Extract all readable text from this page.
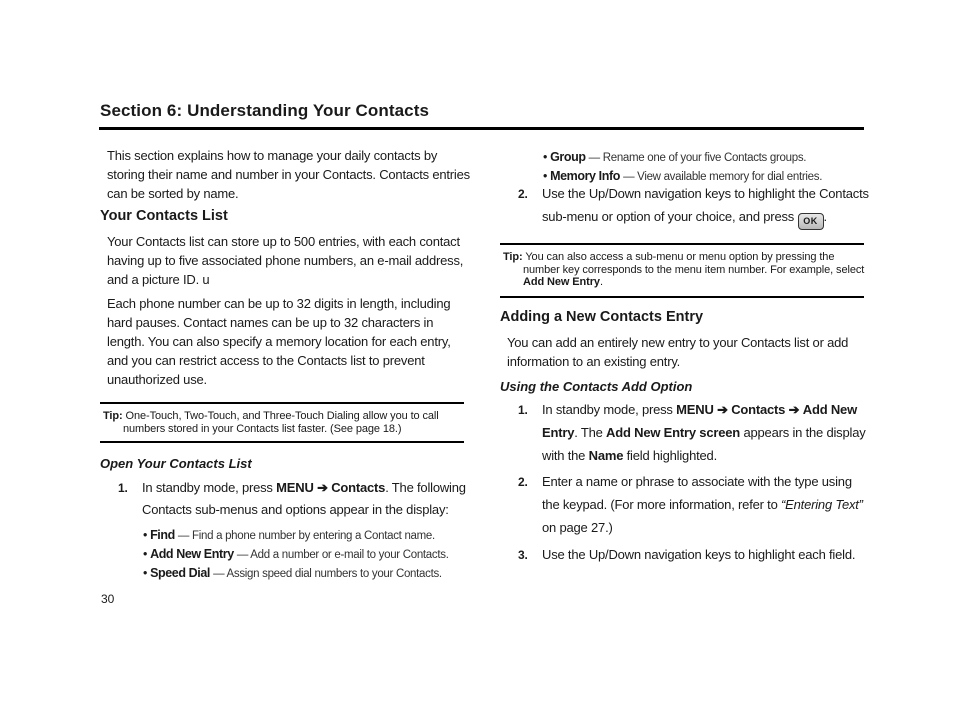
Section 6: Understanding Your Contacts
This section explains how to manage your daily contacts by
storing their name and number in your Contacts. Contacts entries
can be sorted by name.
Your Contacts List
Your Contacts list can store up to 500 entries, with each contact
having up to five associated phone numbers, an e-mail address,
and a picture ID. u
Each phone number can be up to 32 digits in length, including
hard pauses. Contact names can be up to 32 characters in
length. You can also specify a memory location for each entry,
and you can restrict access to the Contacts list to prevent
unauthorized use.
Tip: One-Touch, Two-Touch, and Three-Touch Dialing allow you to call
numbers stored in your Contacts list faster. (See page 18.)
Open Your Contacts List
1. In standby mode, press MENU ➔ Contacts. The following
Contacts sub-menus and options appear in the display:
• Find — Find a phone number by entering a Contact name.
• Add New Entry — Add a number or e-mail to your Contacts.
• Speed Dial — Assign speed dial numbers to your Contacts.
30
• Group — Rename one of your five Contacts groups.
• Memory Info — View available memory for dial entries.
2. Use the Up/Down navigation keys to highlight the Contacts
sub-menu or option of your choice, and press OK .
Tip: You can also access a sub-menu or menu option by pressing the
number key corresponds to the menu item number. For example, select
Add New Entry.
Adding a New Contacts Entry
You can add an entirely new entry to your Contacts list or add
information to an existing entry.
Using the Contacts Add Option
1. In standby mode, press MENU ➔ Contacts ➔ Add New
Entry. The Add New Entry screen appears in the display
with the Name field highlighted.
2. Enter a name or phrase to associate with the type using
the keypad. (For more information, refer to “Entering Text”
on page 27.)
3. Use the Up/Down navigation keys to highlight each field.
